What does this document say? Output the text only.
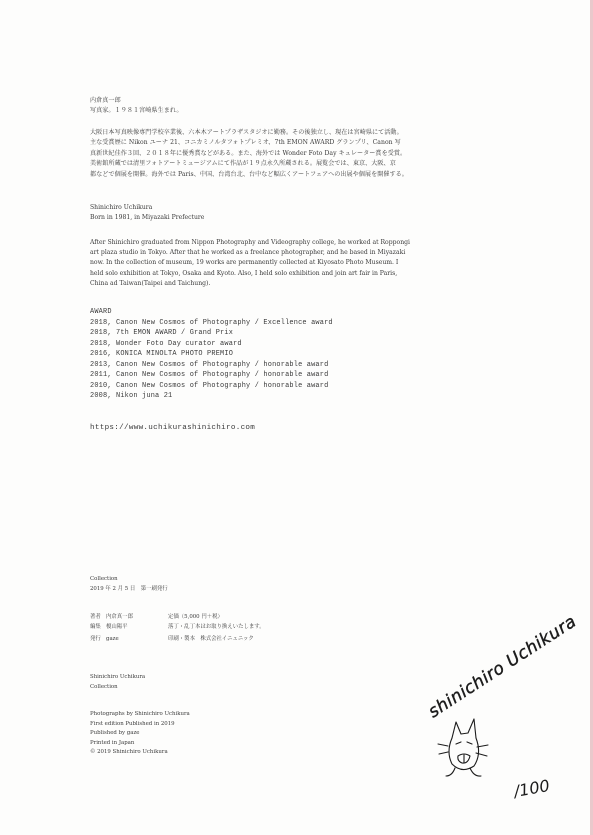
内倉真一郎
写真家。１９８１宮崎県生まれ。
大阪日本写真映像専門学校卒業後、六本木アートプラザスタジオに勤務。その後独立し、現在は宮崎県にて活動。
主な受賞歴に Nikon ユーナ 21、コニカミノルタフォトプレミオ、7th EMON AWARD グランプリ、Canon 写
真新世紀佳作３回、２０１８年に優秀賞などがある。また、海外では Wonder Foto Day キュレーター賞を受賞。
美術館所蔵では清里フォトアートミュージアムにて作品が１９点永久所蔵される。展覧会では、東京、大阪、京
都などで個展を開催。海外では Paris、中国、台湾台北、台中など幅広くアートフェアへの出展や個展を開催する。
Shinichiro Uchikura
Born in 1981, in Miyazaki Prefecture
After Shinichiro graduated from Nippon Photography and Videography college, he worked at Roppongi
art plaza studio in Tokyo. After that he worked as a freelance photographer, and he based in Miyazaki
now. In the collection of museum, 19 works are permanently collected at Kiyosato Photo Museum. I
held solo exhibition at Tokyo, Osaka and Kyoto. Also, I held solo exhibition and join art fair in Paris,
China ad Taiwan(Taipei and Taichung).
AWARD
2018, Canon New Cosmos of Photography / Excellence award
2018, 7th EMON AWARD / Grand Prix
2018, Wonder Foto Day curator award
2016, KONICA MINOLTA PHOTO PREMIO
2013, Canon New Cosmos of Photography / honorable award
2011, Canon New Cosmos of Photography / honorable award
2010, Canon New Cosmos of Photography / honorable award
2008, Nikon juna 21
https://www.uchikurashinichiro.com
Collection
2019 年 2 月 5 日　第一刷発行
著者 内倉真一郎	定価（5,000 円＋税）
編集 榎山陽平	落丁・乱丁本はお取り換えいたします。
発行 gaze	印刷・製本　株式会社イニュニック
Shinichiro Uchikura
Collection
Photographs by Shinichiro Uchikura
First edition Published in 2019
Published by gaze
Printed in Japan
© 2019 Shinichiro Uchikura
shinichiro Uchikura
/100
